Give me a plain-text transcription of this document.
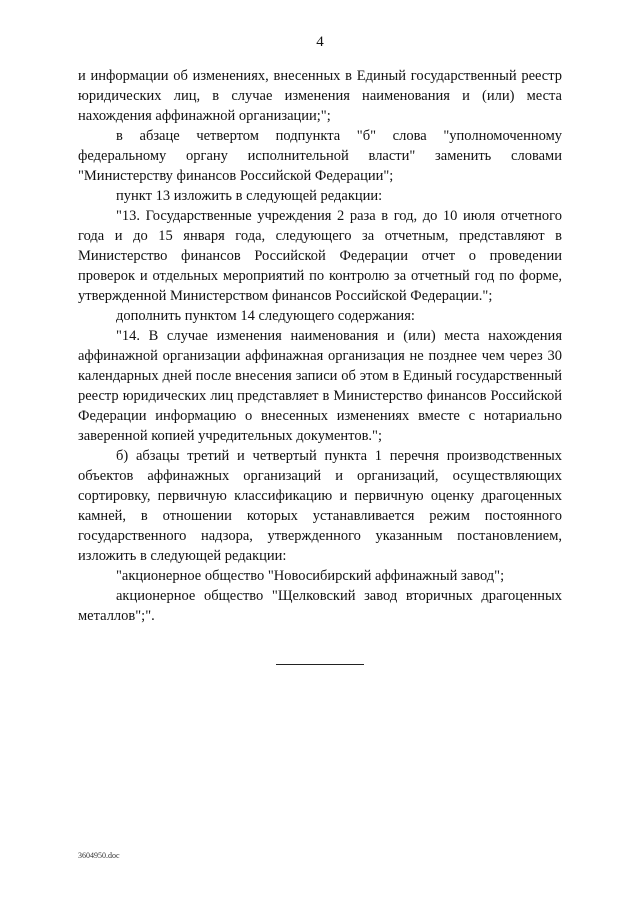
4

и информации об изменениях, внесенных в Единый государственный реестр юридических лиц, в случае изменения наименования и (или) места нахождения аффинажной организации;";

в абзаце четвертом подпункта "б" слова "уполномоченному федеральному органу исполнительной власти" заменить словами "Министерству финансов Российской Федерации";

пункт 13 изложить в следующей редакции:

"13. Государственные учреждения 2 раза в год, до 10 июля отчетного года и до 15 января года, следующего за отчетным, представляют в Министерство финансов Российской Федерации отчет о проведении проверок и отдельных мероприятий по контролю за отчетный год по форме, утвержденной Министерством финансов Российской Федерации.";

дополнить пунктом 14 следующего содержания:

"14. В случае изменения наименования и (или) места нахождения аффинажной организации аффинажная организация не позднее чем через 30 календарных дней после внесения записи об этом в Единый государственный реестр юридических лиц представляет в Министерство финансов Российской Федерации информацию о внесенных изменениях вместе с нотариально заверенной копией учредительных документов.";

б) абзацы третий и четвертый пункта 1 перечня производственных объектов аффинажных организаций и организаций, осуществляющих сортировку, первичную классификацию и первичную оценку драгоценных камней, в отношении которых устанавливается режим постоянного государственного надзора, утвержденного указанным постановлением, изложить в следующей редакции:

"акционерное общество "Новосибирский аффинажный завод";

акционерное общество "Щелковский завод вторичных драгоценных металлов";".

3604950.doc
